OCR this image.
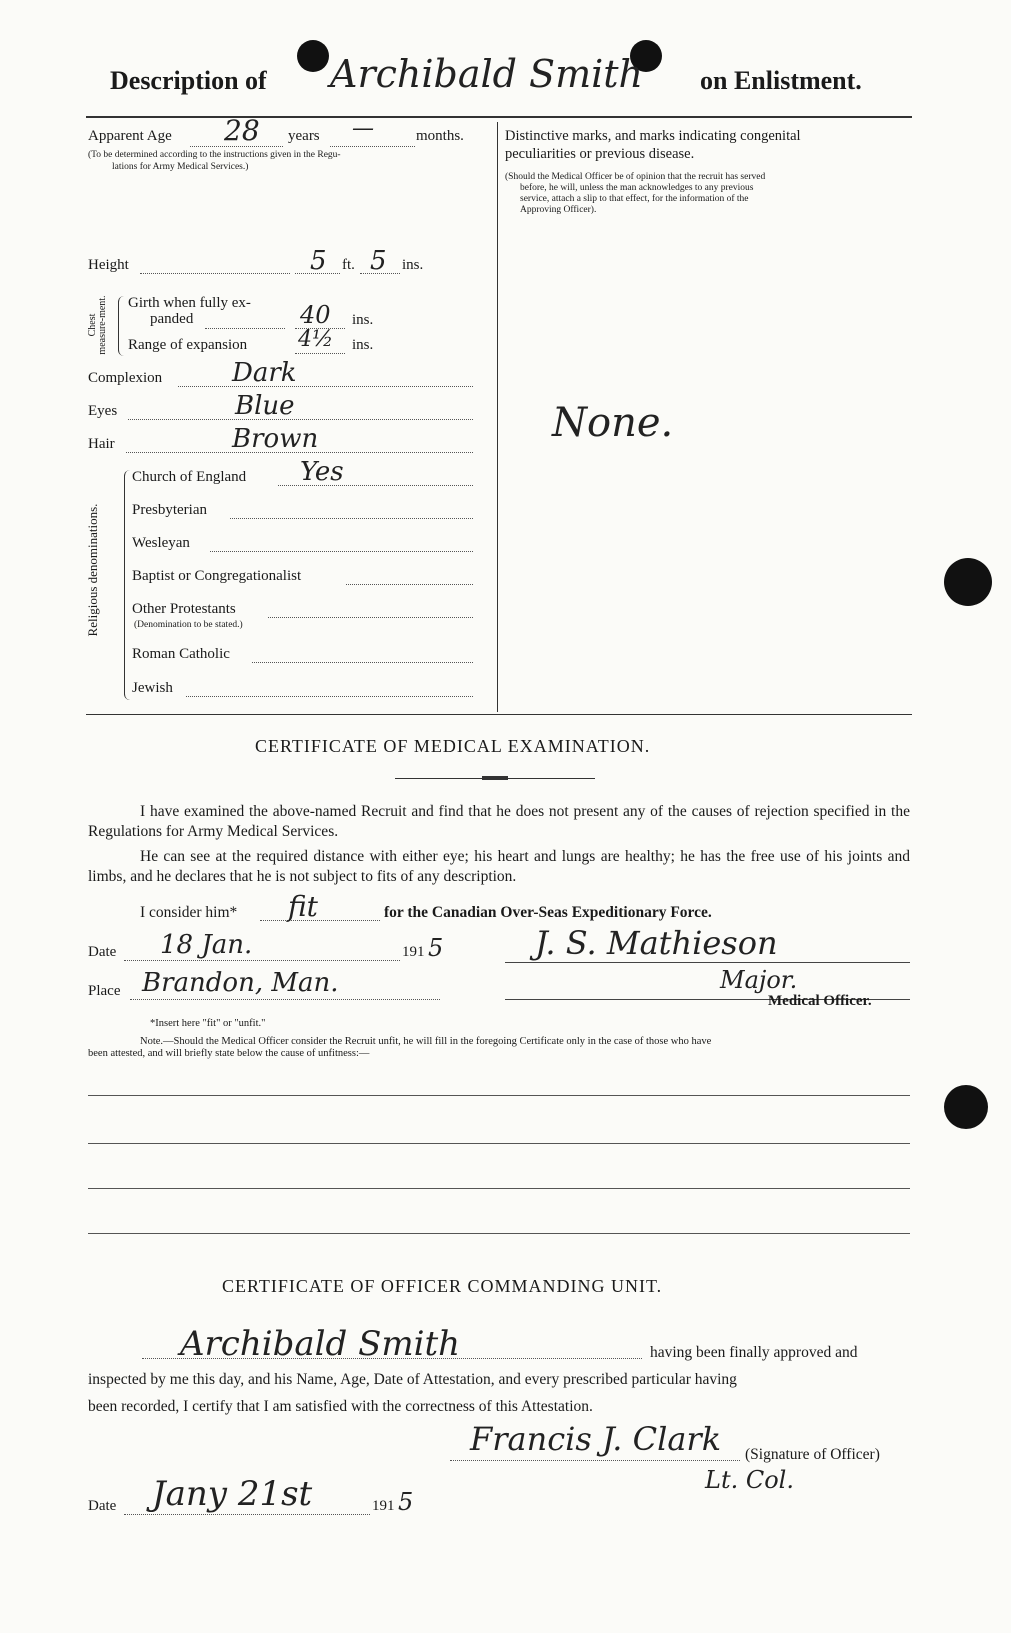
Description of Archibald Smith on Enlistment.
Apparent Age 28 years —	months.
(To be determined according to the instructions given in the Regu-
lations for Army Medical Services.)
Height	5 ft. 5 ins.
Chest measure-ment. Girth when fully ex-
panded	40 ins.
Range of expansion 4½ ins.
Complexion	Dark
Eyes	Blue
Hair	Brown
Religious denominations.
Church of England Yes
Presbyterian
Wesleyan
Baptist or Congregationalist
Other Protestants
(Denomination to be stated.)
Roman Catholic
Jewish
Distinctive marks, and marks indicating congenital
peculiarities or previous disease.
(Should the Medical Officer be of opinion that the recruit has served
before, he will, unless the man acknowledges to any previous
service, attach a slip to that effect, for the information of the
Approving Officer).
None.
CERTIFICATE OF MEDICAL EXAMINATION.
I have examined the above-named Recruit and find that he does not present any of the causes of rejection specified in the Regulations for Army Medical Services.
He can see at the required distance with either eye; his heart and lungs are healthy; he has the free use of his joints and limbs, and he declares that he is not subject to fits of any description.
I consider him* fit	for the Canadian Over-Seas Expeditionary Force.
Date 18 Jan.	191 5	J. S. Mathieson
Place Brandon, Man.	Major.
Medical Officer.
*Insert here "fit" or "unfit."
Note.—Should the Medical Officer consider the Recruit unfit, he will fill in the foregoing Certificate only in the case of those who have
been attested, and will briefly state below the cause of unfitness:—
CERTIFICATE OF OFFICER COMMANDING UNIT.
Archibald Smith	having been finally approved and
inspected by me this day, and his Name, Age, Date of Attestation, and every prescribed particular having
been recorded, I certify that I am satisfied with the correctness of this Attestation.
Francis J. Clark (Signature of Officer)
Lt. Col.
Date Jany 21st	191 5
